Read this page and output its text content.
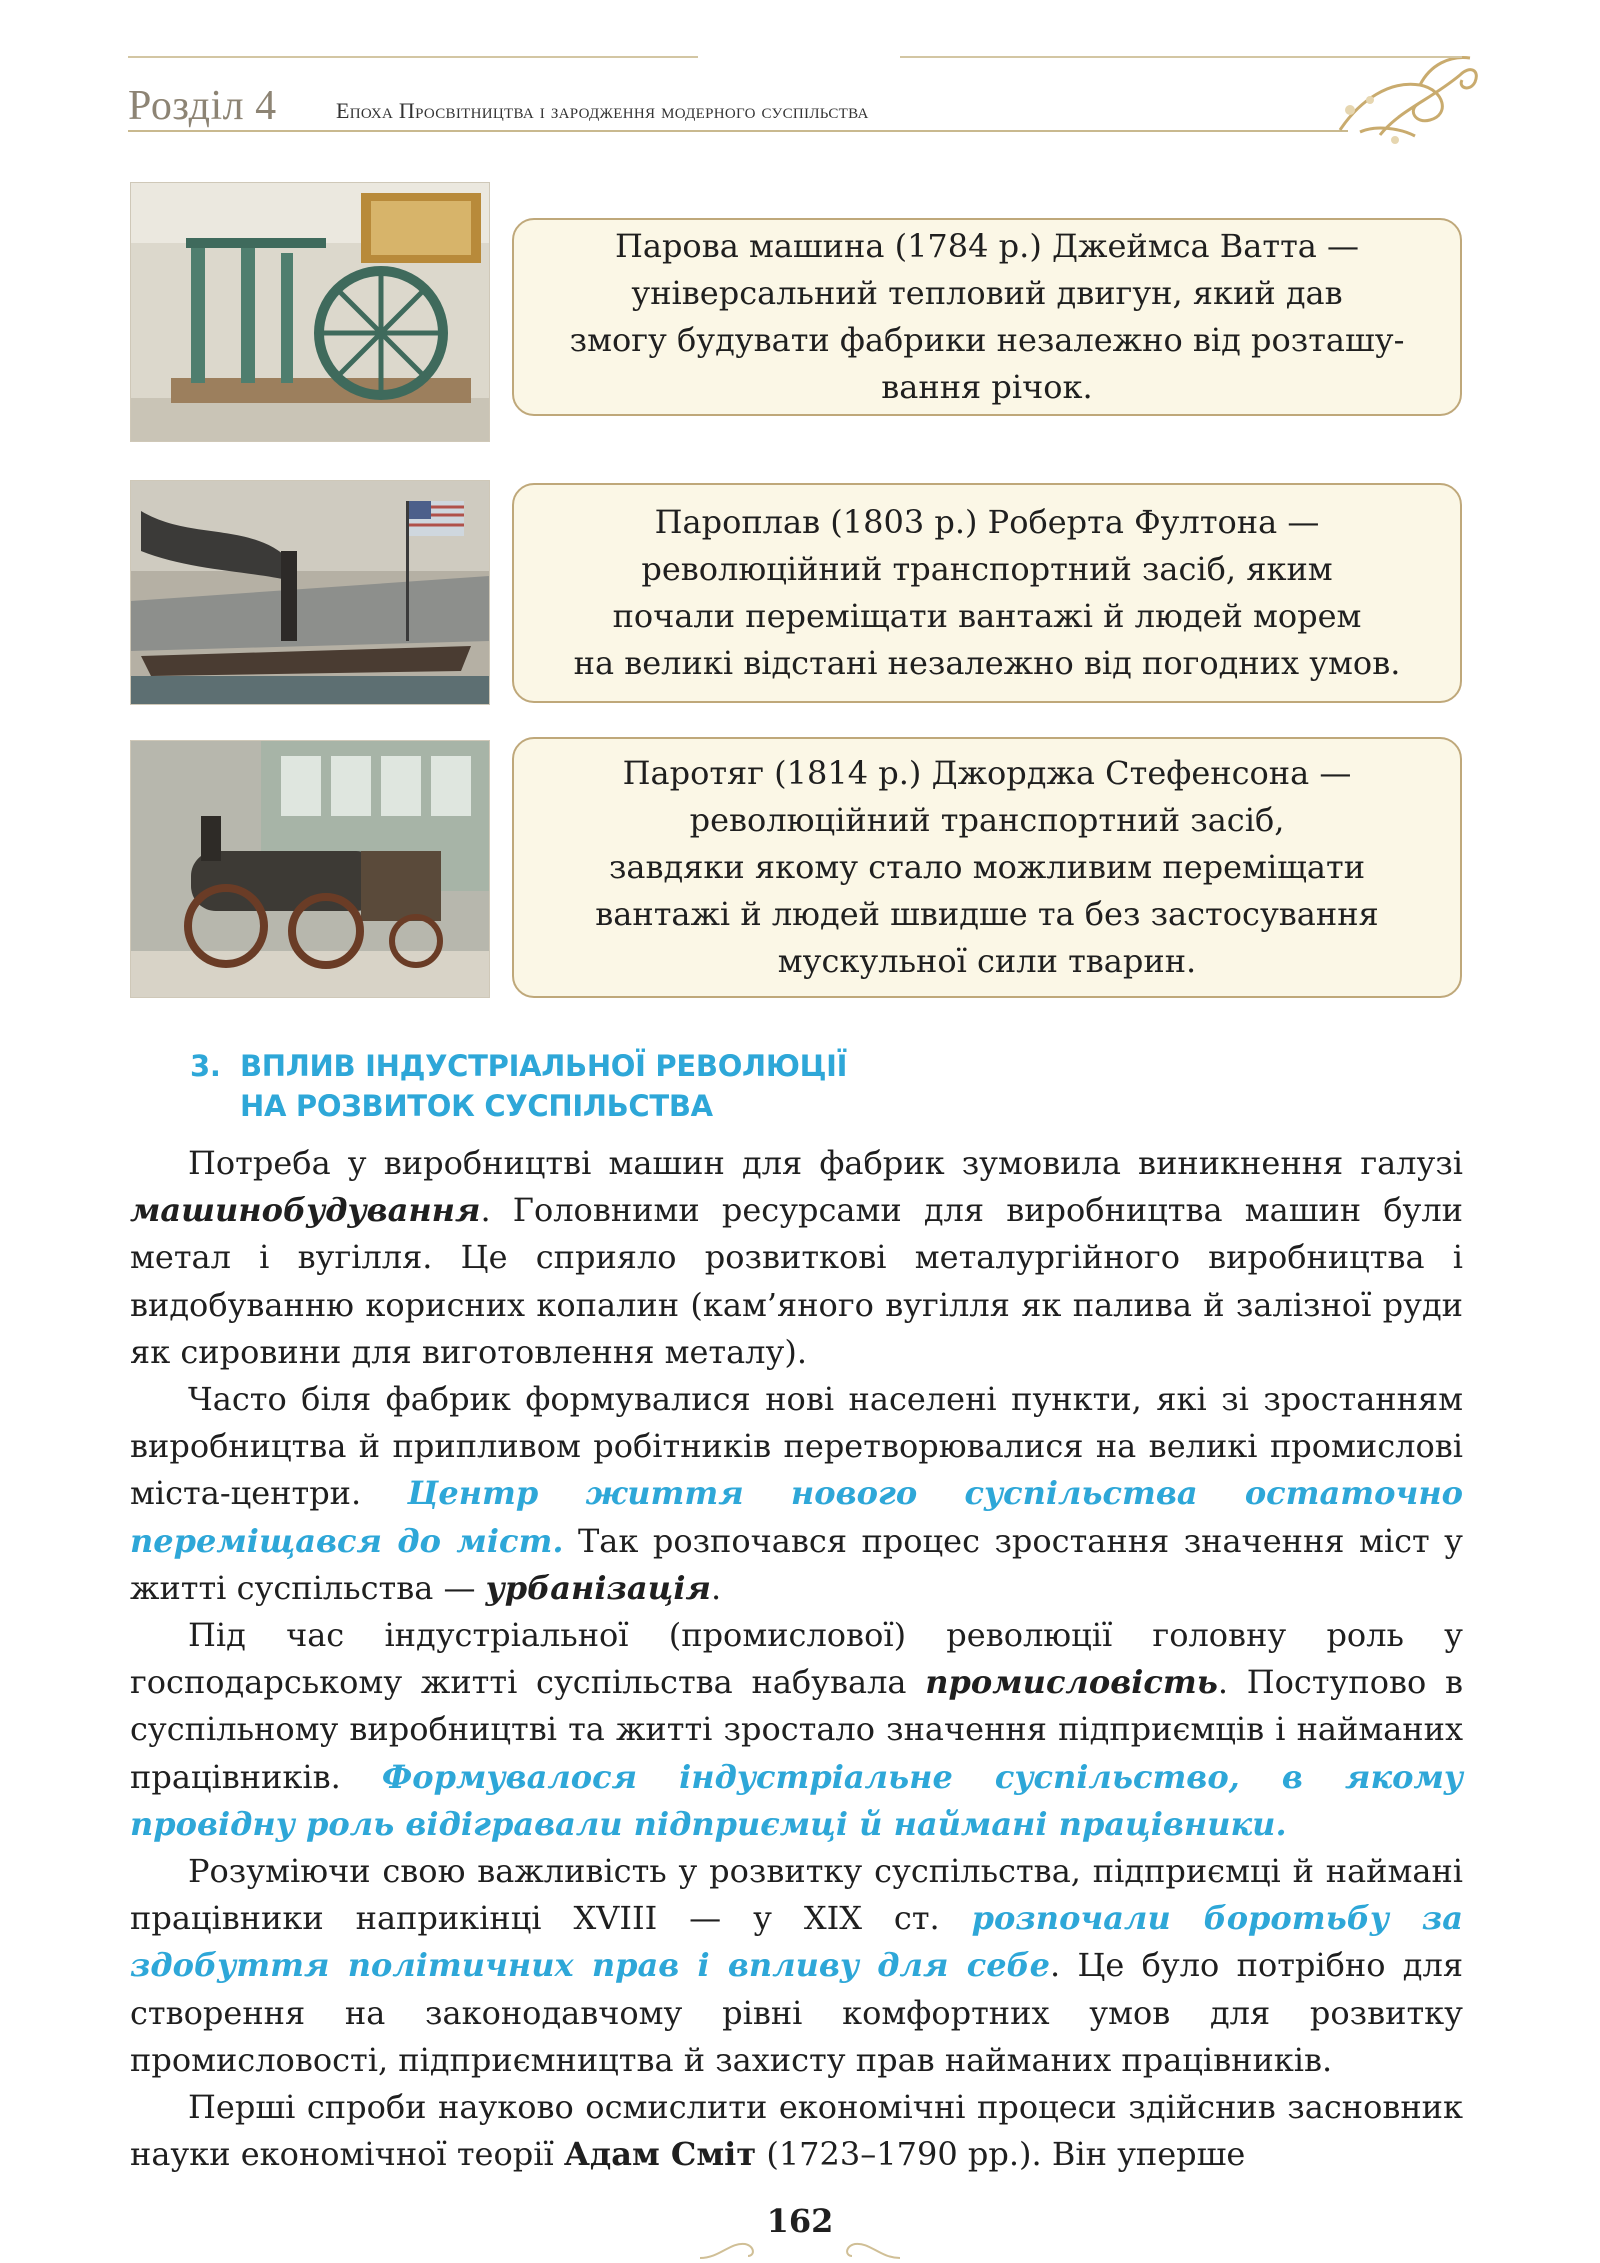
Розділ 4	Епоха Просвітництва і зародження модерного суспільства
Парова машина (1784 р.) Джеймса Ватта —
універсальний тепловий двигун, який дав
змогу будувати фабрики незалежно від розташу-
вання річок.
Пароплав (1803 р.) Роберта Фултона —
революційний транспортний засіб, яким
почали переміщати вантажі й людей морем
на великі відстані незалежно від погодних умов.
Паротяг (1814 р.) Джорджа Стефенсона —
революційний транспортний засіб,
завдяки якому стало можливим переміщати
вантажі й людей швидше та без застосування
мускульної сили тварин.
3. ВПЛИВ ІНДУСТРІАЛЬНОЇ РЕВОЛЮЦІЇ
НА РОЗВИТОК СУСПІЛЬСТВА

Потреба у виробництві машин для фабрик зумовила виникнення галузі машинобудування. Головними ресурсами для виробництва машин були метал і вугілля. Це сприяло розвиткові металургійного виробництва і видобуванню корисних копалин (кам’яного вугілля як палива й залізної руди як сировини для виготовлення металу).

Часто біля фабрик формувалися нові населені пункти, які зі зростанням виробництва й припливом робітників перетворювалися на великі промислові міста-центри. Центр життя нового суспільства остаточно переміщався до міст. Так розпочався процес зростання значення міст у житті суспільства — урбанізація.

Під час індустріальної (промислової) революції головну роль у господарському житті суспільства набувала промисловість. Поступово в суспільному виробництві та житті зростало значення підприємців і найманих працівників. Формувалося індустріальне суспільство, в якому провідну роль відігравали підприємці й наймані працівники.

Розуміючи свою важливість у розвитку суспільства, підприємці й наймані працівники наприкінці XVIII — у XIX ст. розпочали боротьбу за здобуття політичних прав і впливу для себе. Це було потрібно для створення на законодавчому рівні комфортних умов для розвитку промисловості, підприємництва й захисту прав найманих працівників.

Перші спроби науково осмислити економічні процеси здійснив засновник науки економічної теорії Адам Сміт (1723–1790 рр.). Він уперше

162
